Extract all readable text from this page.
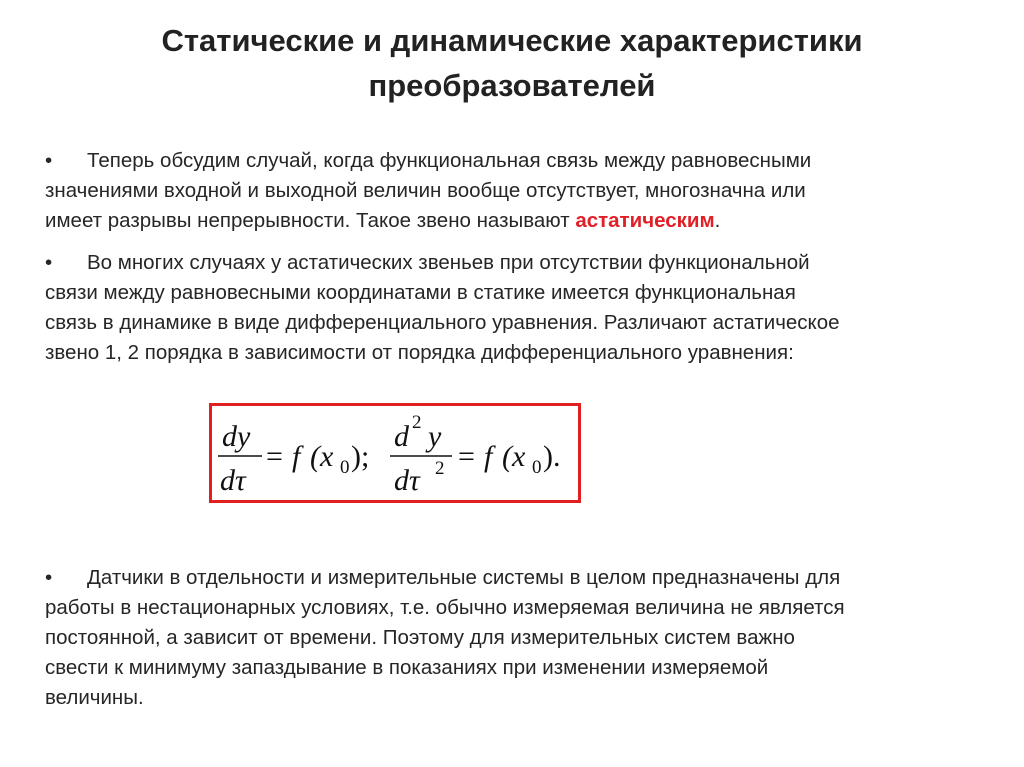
Статические и динамические характеристики
преобразователей
• Теперь обсудим случай, когда функциональная связь между равновесными
значениями входной и выходной величин вообще отсутствует, многозначна или
имеет разрывы непрерывности. Такое звено называют астатическим.
• Во многих случаях у астатических звеньев при отсутствии функциональной
связи между равновесными координатами в статике имеется функциональная
связь в динамике в виде дифференциального уравнения. Различают астатическое
звено 1, 2 порядка в зависимости от порядка дифференциального уравнения:
dy
dτ
= f (x 0 );
d 2 y
dτ 2 = f (x 0 ).
• Датчики в отдельности и измерительные системы в целом предназначены для
работы в нестационарных условиях, т.е. обычно измеряемая величина не является
постоянной, а зависит от времени. Поэтому для измерительных систем важно
свести к минимуму запаздывание в показаниях при изменении измеряемой
величины.
